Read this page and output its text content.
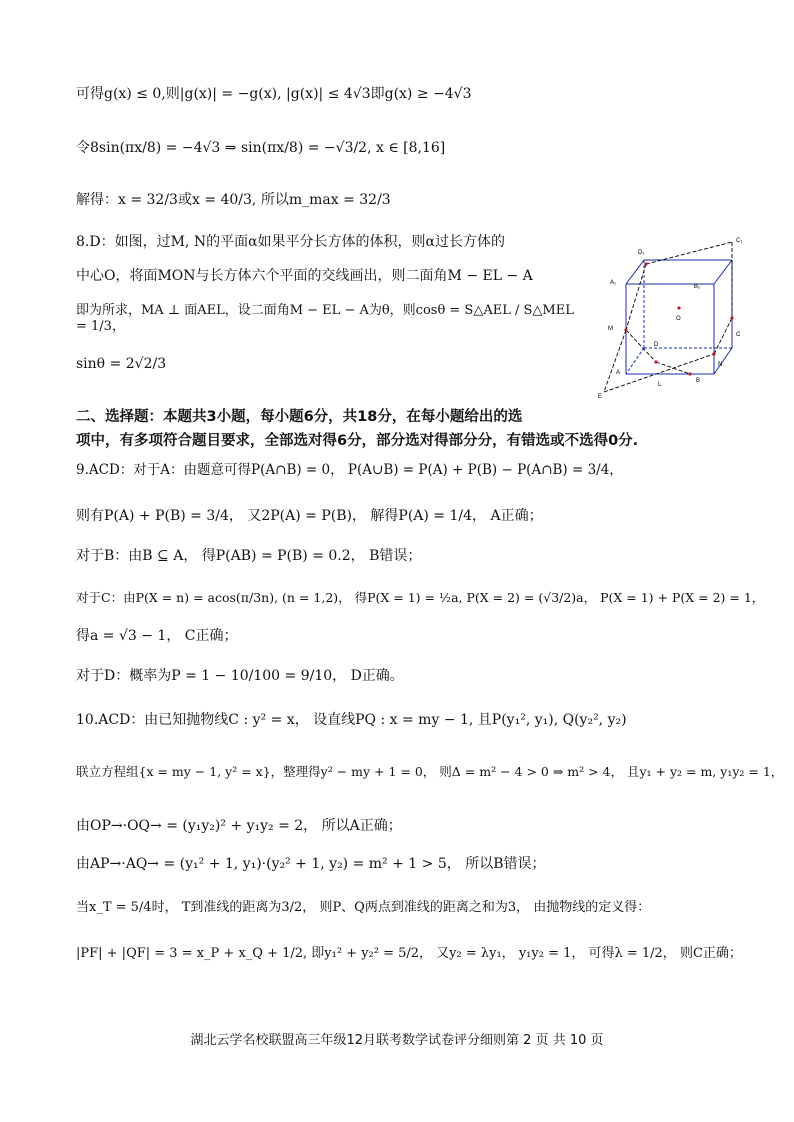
可得g(x) ≤ 0,则|g(x)| = −g(x), |g(x)| ≤ 4√3即g(x) ≥ −4√3
令8sin(πx/8) = −4√3 ⇒ sin(πx/8) = −√3/2, x ∈ [8,16]
解得：x = 32/3或x = 40/3, 所以m_max = 32/3
8.D：如图，过M, N的平面α如果平分长方体的体积，则α过长方体的
中心O，将面MON与长方体六个平面的交线画出，则二面角M − EL − A
即为所求，MA ⊥ 面AEL，设二面角M − EL − A为θ，则cosθ = S△AEL / S△MEL = 1/3，
sinθ = 2√2/3
D₁
C₁
A₁
B₁
M
O
D
C
N
A
L
B
E
二、选择题：本题共3小题，每小题6分，共18分，在每小题给出的选
项中，有多项符合题目要求，全部选对得6分，部分选对得部分分，有错选或不选得0分.
9.ACD：对于A：由题意可得P(A∩B) = 0， P(A∪B) = P(A) + P(B) − P(A∩B) = 3/4，
则有P(A) + P(B) = 3/4， 又2P(A) = P(B)， 解得P(A) = 1/4， A正确；
对于B：由B ⊆ A， 得P(AB) = P(B) = 0.2， B错误；
对于C：由P(X = n) = acos(π/3n), (n = 1,2)， 得P(X = 1) = ½a, P(X = 2) = (√3/2)a， P(X = 1) + P(X = 2) = 1，
得a = √3 − 1， C正确；
对于D：概率为P = 1 − 10/100 = 9/10， D正确。
10.ACD：由已知抛物线C : y² = x， 设直线PQ : x = my − 1, 且P(y₁², y₁), Q(y₂², y₂)
联立方程组{x = my − 1, y² = x}，整理得y² − my + 1 = 0， 则Δ = m² − 4 > 0 ⇒ m² > 4， 且y₁ + y₂ = m, y₁y₂ = 1，
由OP→·OQ→ = (y₁y₂)² + y₁y₂ = 2， 所以A正确；
由AP→·AQ→ = (y₁² + 1, y₁)·(y₂² + 1, y₂) = m² + 1 > 5， 所以B错误；
当x_T = 5/4时， T到准线的距离为3/2， 则P、Q两点到准线的距离之和为3， 由抛物线的定义得：
|PF| + |QF| = 3 = x_P + x_Q + 1/2, 即y₁² + y₂² = 5/2， 又y₂ = λy₁， y₁y₂ = 1， 可得λ = 1/2， 则C正确；
湖北云学名校联盟高三年级12月联考数学试卷评分细则第 2 页 共 10 页
